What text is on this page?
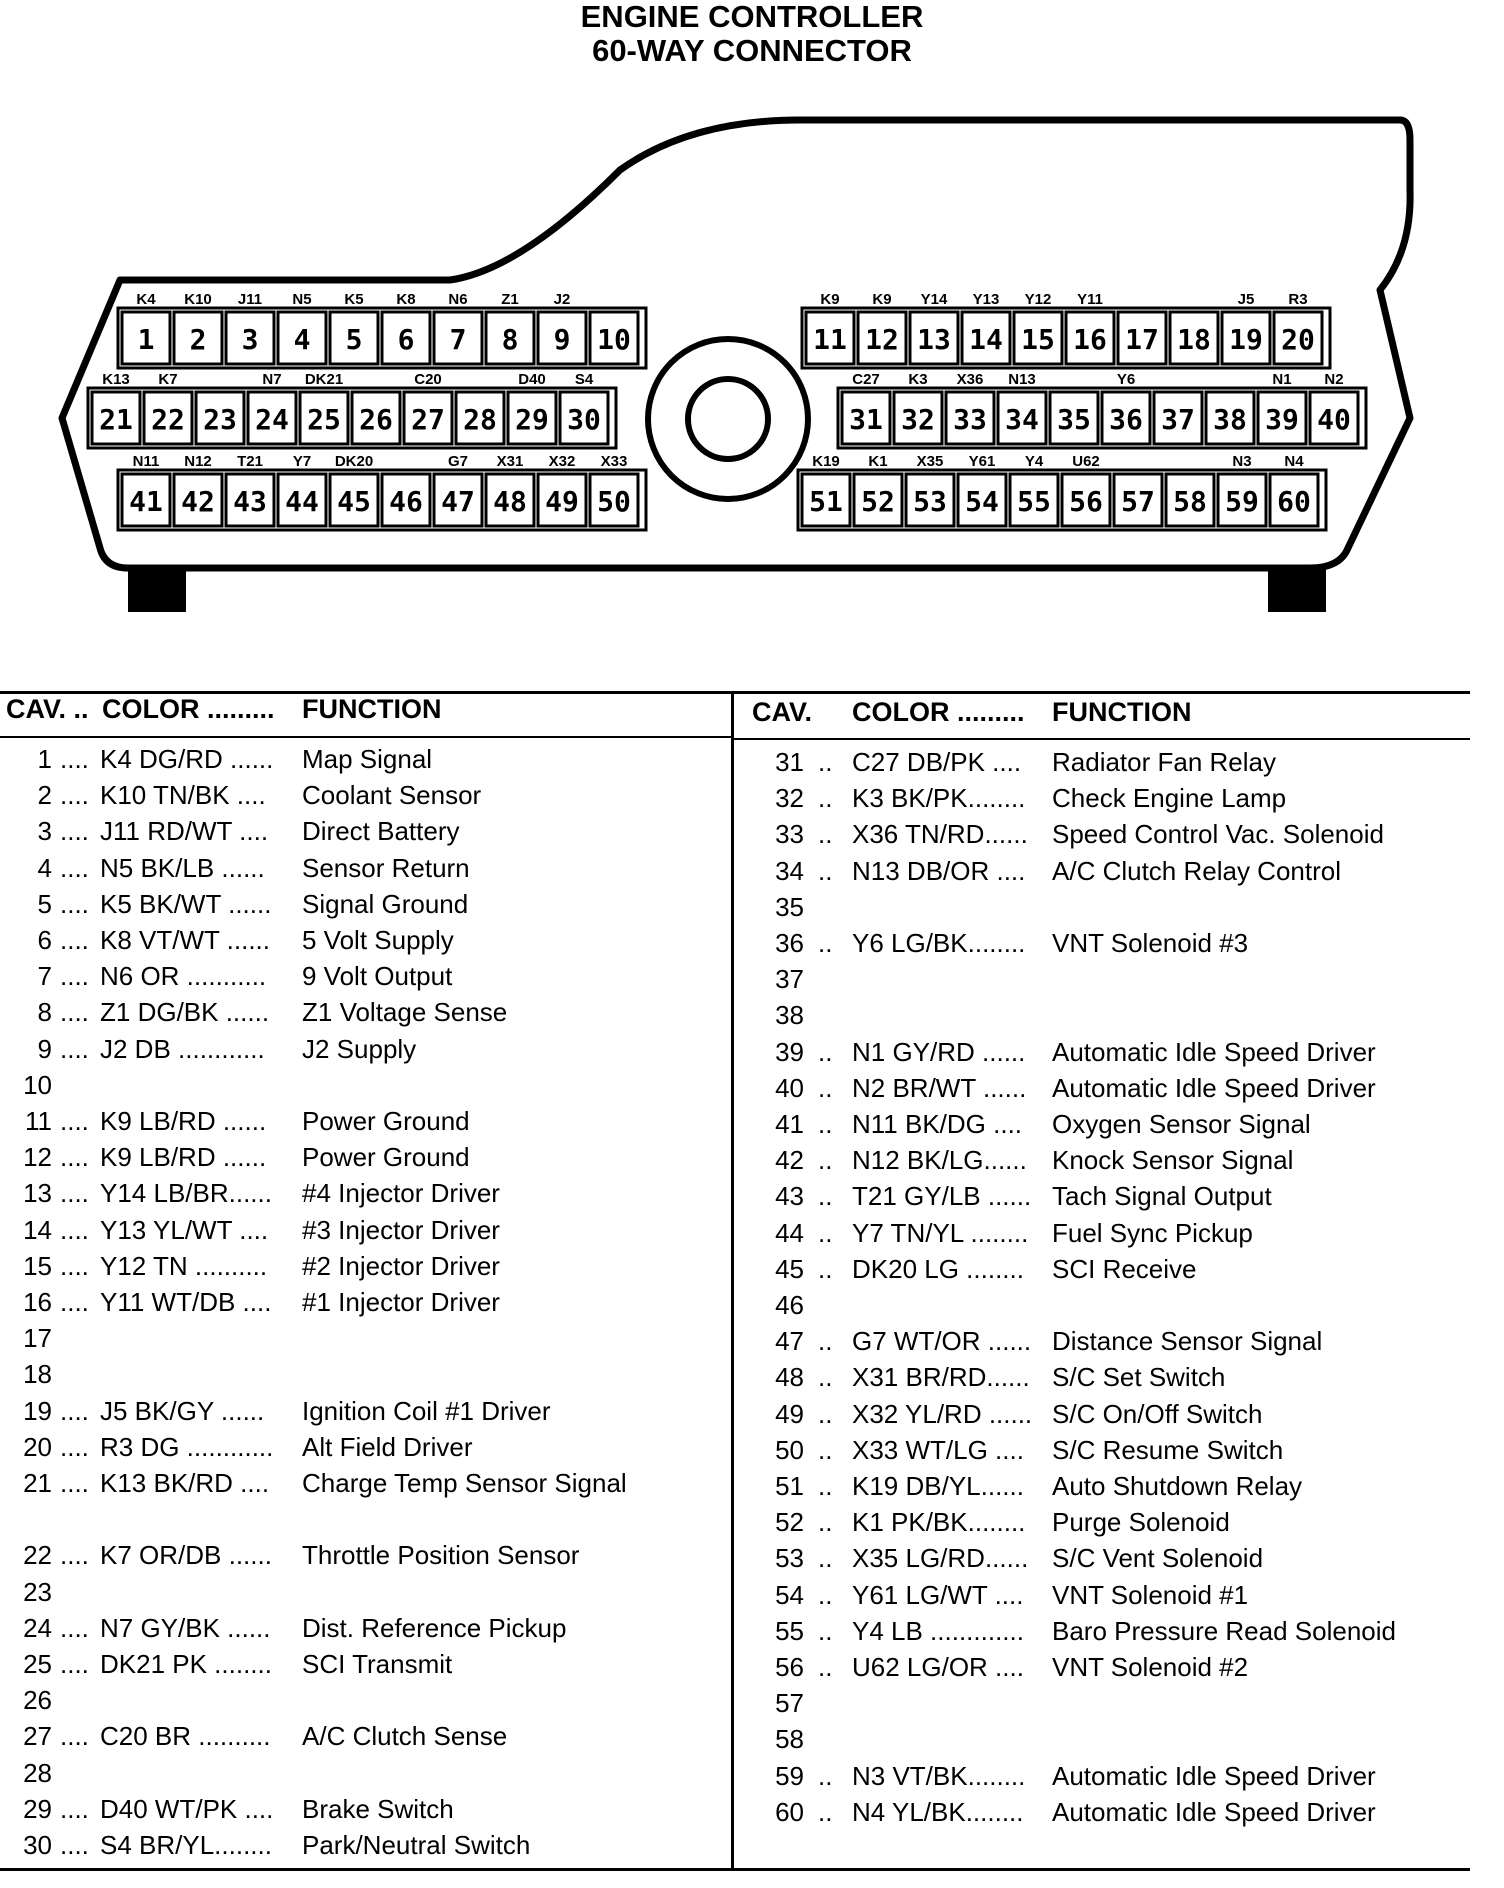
ENGINE CONTROLLER
60-WAY CONNECTOR
1
K4
2
K10
3
J11
4
N5
5
K5
6
K8
7
N6
8
Z1
9
J2
10
21
K13
22
K7
23 24
N7
25
DK21
26 27
C20
28 29
D40
30
S4
41
N11
42
N12
43
T21
44
Y7
45
DK20
46 47
G7
48
X31
49
X32
50
X33
11
K9
12
K9
13
Y14
14
Y13
15
Y12
16
Y11
17 18 19
J5
20
R3
31
C27
32
K3
33
X36
34
N13
35 36
Y6
37 38 39
N1
40
N2
51
K19
52
K1
53
X35
54
Y61
55
Y4
56
U62
57 58 59
N3
60
N4
CAV. .. COLOR ......... FUNCTION	CAV. COLOR ......... FUNCTION
1 .... K4 DG/RD ...... Map Signal
2 .... K10 TN/BK .... Coolant Sensor
3 .... J11 RD/WT .... Direct Battery
4 .... N5 BK/LB ...... Sensor Return
5 .... K5 BK/WT ...... Signal Ground
6 .... K8 VT/WT ...... 5 Volt Supply
7 .... N6 OR ........... 9 Volt Output
8 .... Z1 DG/BK ...... Z1 Voltage Sense
9 .... J2 DB ............ J2 Supply
10
11 .... K9 LB/RD ...... Power Ground
12 .... K9 LB/RD ...... Power Ground
13 .... Y14 LB/BR...... #4 Injector Driver
14 .... Y13 YL/WT .... #3 Injector Driver
15 .... Y12 TN .......... #2 Injector Driver
16 .... Y11 WT/DB .... #1 Injector Driver
17
18
19 .... J5 BK/GY ...... Ignition Coil #1 Driver
20 .... R3 DG ............ Alt Field Driver
21 .... K13 BK/RD .... Charge Temp Sensor Signal
22 .... K7 OR/DB ...... Throttle Position Sensor
23
24 .... N7 GY/BK ...... Dist. Reference Pickup
25 .... DK21 PK ........ SCI Transmit
26
27 .... C20 BR .......... A/C Clutch Sense
28
29 .... D40 WT/PK .... Brake Switch
30 .... S4 BR/YL........ Park/Neutral Switch
31 .. C27 DB/PK .... Radiator Fan Relay
32 .. K3 BK/PK........ Check Engine Lamp
33 .. X36 TN/RD...... Speed Control Vac. Solenoid
34 .. N13 DB/OR .... A/C Clutch Relay Control
35
36 .. Y6 LG/BK........ VNT Solenoid #3
37
38
39 .. N1 GY/RD ...... Automatic Idle Speed Driver
40 .. N2 BR/WT ...... Automatic Idle Speed Driver
41 .. N11 BK/DG .... Oxygen Sensor Signal
42 .. N12 BK/LG...... Knock Sensor Signal
43 .. T21 GY/LB ...... Tach Signal Output
44 .. Y7 TN/YL ........ Fuel Sync Pickup
45 .. DK20 LG ........ SCI Receive
46
47 .. G7 WT/OR ...... Distance Sensor Signal
48 .. X31 BR/RD...... S/C Set Switch
49 .. X32 YL/RD ...... S/C On/Off Switch
50 .. X33 WT/LG .... S/C Resume Switch
51 .. K19 DB/YL...... Auto Shutdown Relay
52 .. K1 PK/BK........ Purge Solenoid
53 .. X35 LG/RD...... S/C Vent Solenoid
54 .. Y61 LG/WT .... VNT Solenoid #1
55 .. Y4 LB ............. Baro Pressure Read Solenoid
56 .. U62 LG/OR .... VNT Solenoid #2
57
58
59 .. N3 VT/BK........ Automatic Idle Speed Driver
60 .. N4 YL/BK........ Automatic Idle Speed Driver
